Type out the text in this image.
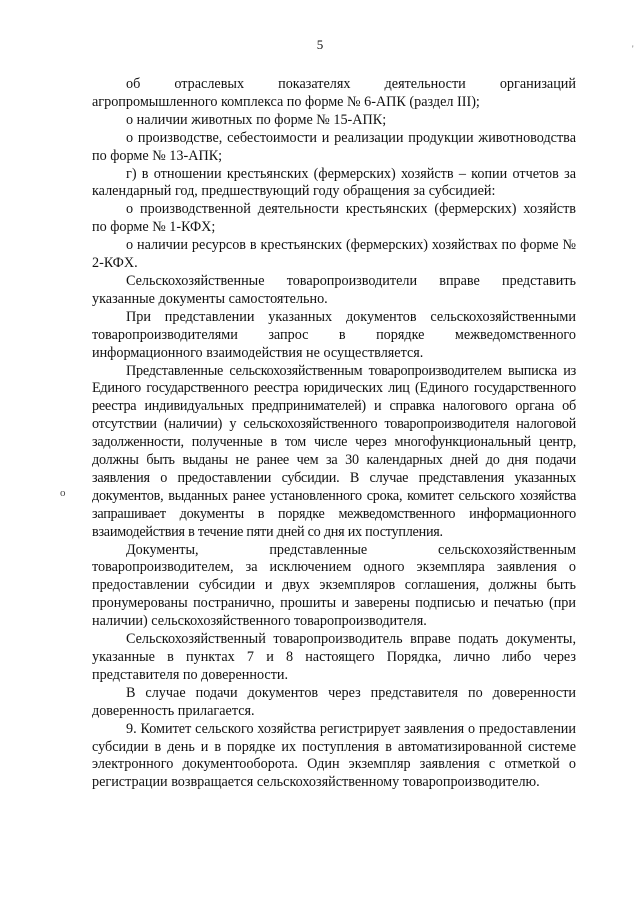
5	'
o

об отраслевых показателях деятельности организаций агропромышленного комплекса по форме № 6-АПК (раздел III);

о наличии животных по форме № 15-АПК;

о производстве, себестоимости и реализации продукции животноводства по форме № 13-АПК;

г) в отношении крестьянских (фермерских) хозяйств – копии отчетов за календарный год, предшествующий году обращения за субсидией:

о производственной деятельности крестьянских (фермерских) хозяйств по форме № 1-КФХ;

о наличии ресурсов в крестьянских (фермерских) хозяйствах по форме № 2-КФХ.

Сельскохозяйственные товаропроизводители вправе представить указанные документы самостоятельно.

При представлении указанных документов сельскохозяйственными товаропроизводителями запрос в порядке межведомственного информационного взаимодействия не осуществляется.

Представленные сельскохозяйственным товаропроизводителем выписка из Единого государственного реестра юридических лиц (Единого государственного реестра индивидуальных предпринимателей) и справка налогового органа об отсутствии (наличии) у сельскохозяйственного товаропроизводителя налоговой задолженности, полученные в том числе через многофункциональный центр, должны быть выданы не ранее чем за 30 календарных дней до дня подачи заявления о предоставлении субсидии. В случае представления указанных документов, выданных ранее установленного срока, комитет сельского хозяйства запрашивает документы в порядке межведомственного информационного взаимодействия в течение пяти дней со дня их поступления.

Документы, представленные сельскохозяйственным товаропроизводителем, за исключением одного экземпляра заявления о предоставлении субсидии и двух экземпляров соглашения, должны быть пронумерованы постранично, прошиты и заверены подписью и печатью (при наличии) сельскохозяйственного товаропроизводителя.

Сельскохозяйственный товаропроизводитель вправе подать документы, указанные в пунктах 7 и 8 настоящего Порядка, лично либо через представителя по доверенности.

В случае подачи документов через представителя по доверенности доверенность прилагается.

9. Комитет сельского хозяйства регистрирует заявления о предоставлении субсидии в день и в порядке их поступления в автоматизированной системе электронного документооборота. Один экземпляр заявления с отметкой о регистрации возвращается сельскохозяйственному товаропроизводителю.
